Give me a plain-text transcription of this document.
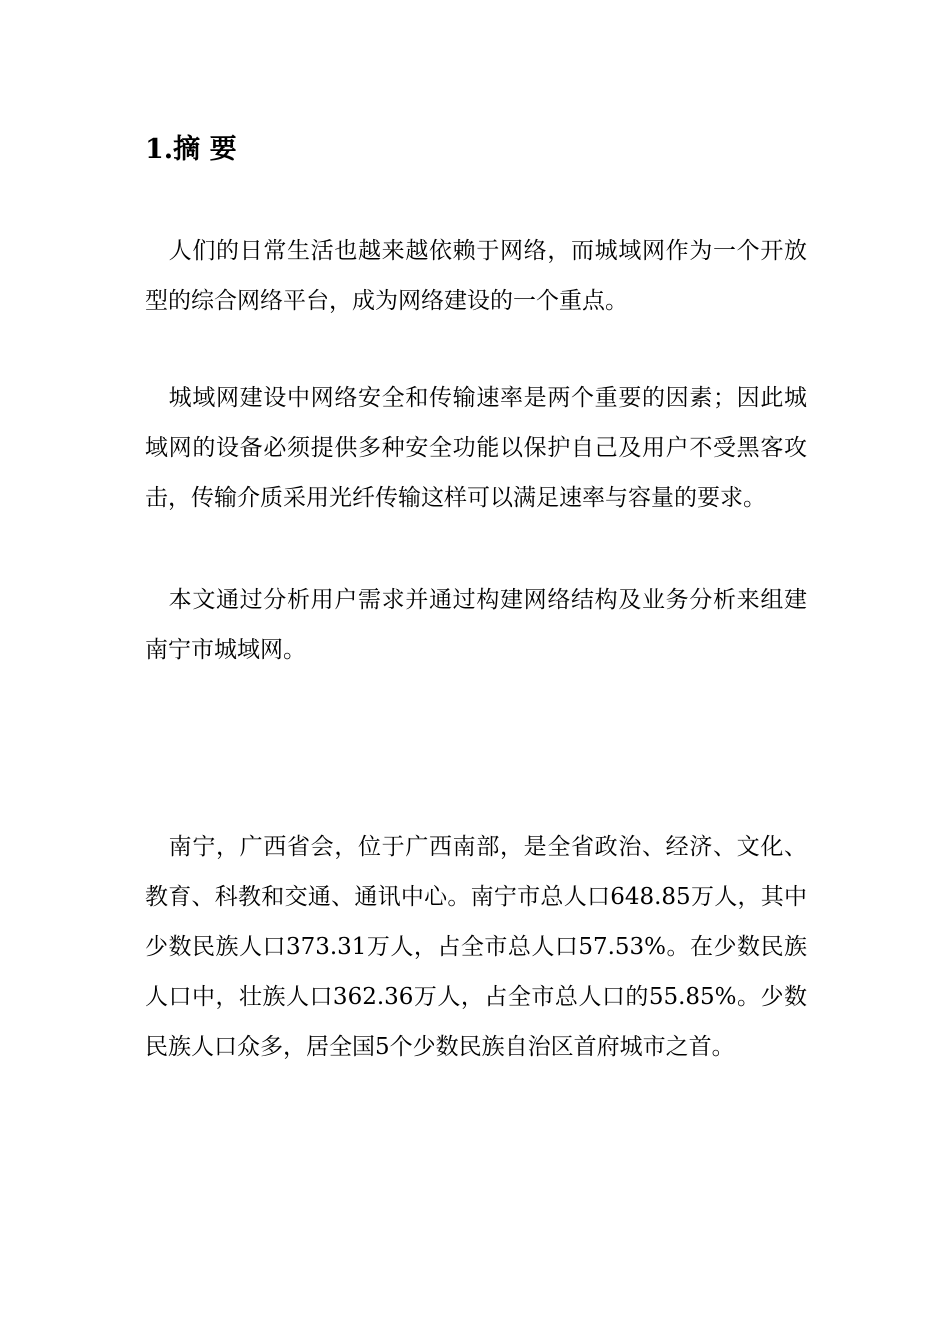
1.摘 要

　人们的日常生活也越来越依赖于网络，而城域网作为一个开放型的综合网络平台，成为网络建设的一个重点。

　城域网建设中网络安全和传输速率是两个重要的因素；因此城域网的设备必须提供多种安全功能以保护自己及用户不受黑客攻击，传输介质采用光纤传输这样可以满足速率与容量的要求。

　本文通过分析用户需求并通过构建网络结构及业务分析来组建南宁市城域网。

　南宁，广西省会，位于广西南部，是全省政治、经济、文化、教育、科教和交通、通讯中心。南宁市总人口648.85万人，其中少数民族人口373.31万人，占全市总人口57.53%。在少数民族人口中，壮族人口362.36万人，占全市总人口的55.85%。少数民族人口众多，居全国5个少数民族自治区首府城市之首。
